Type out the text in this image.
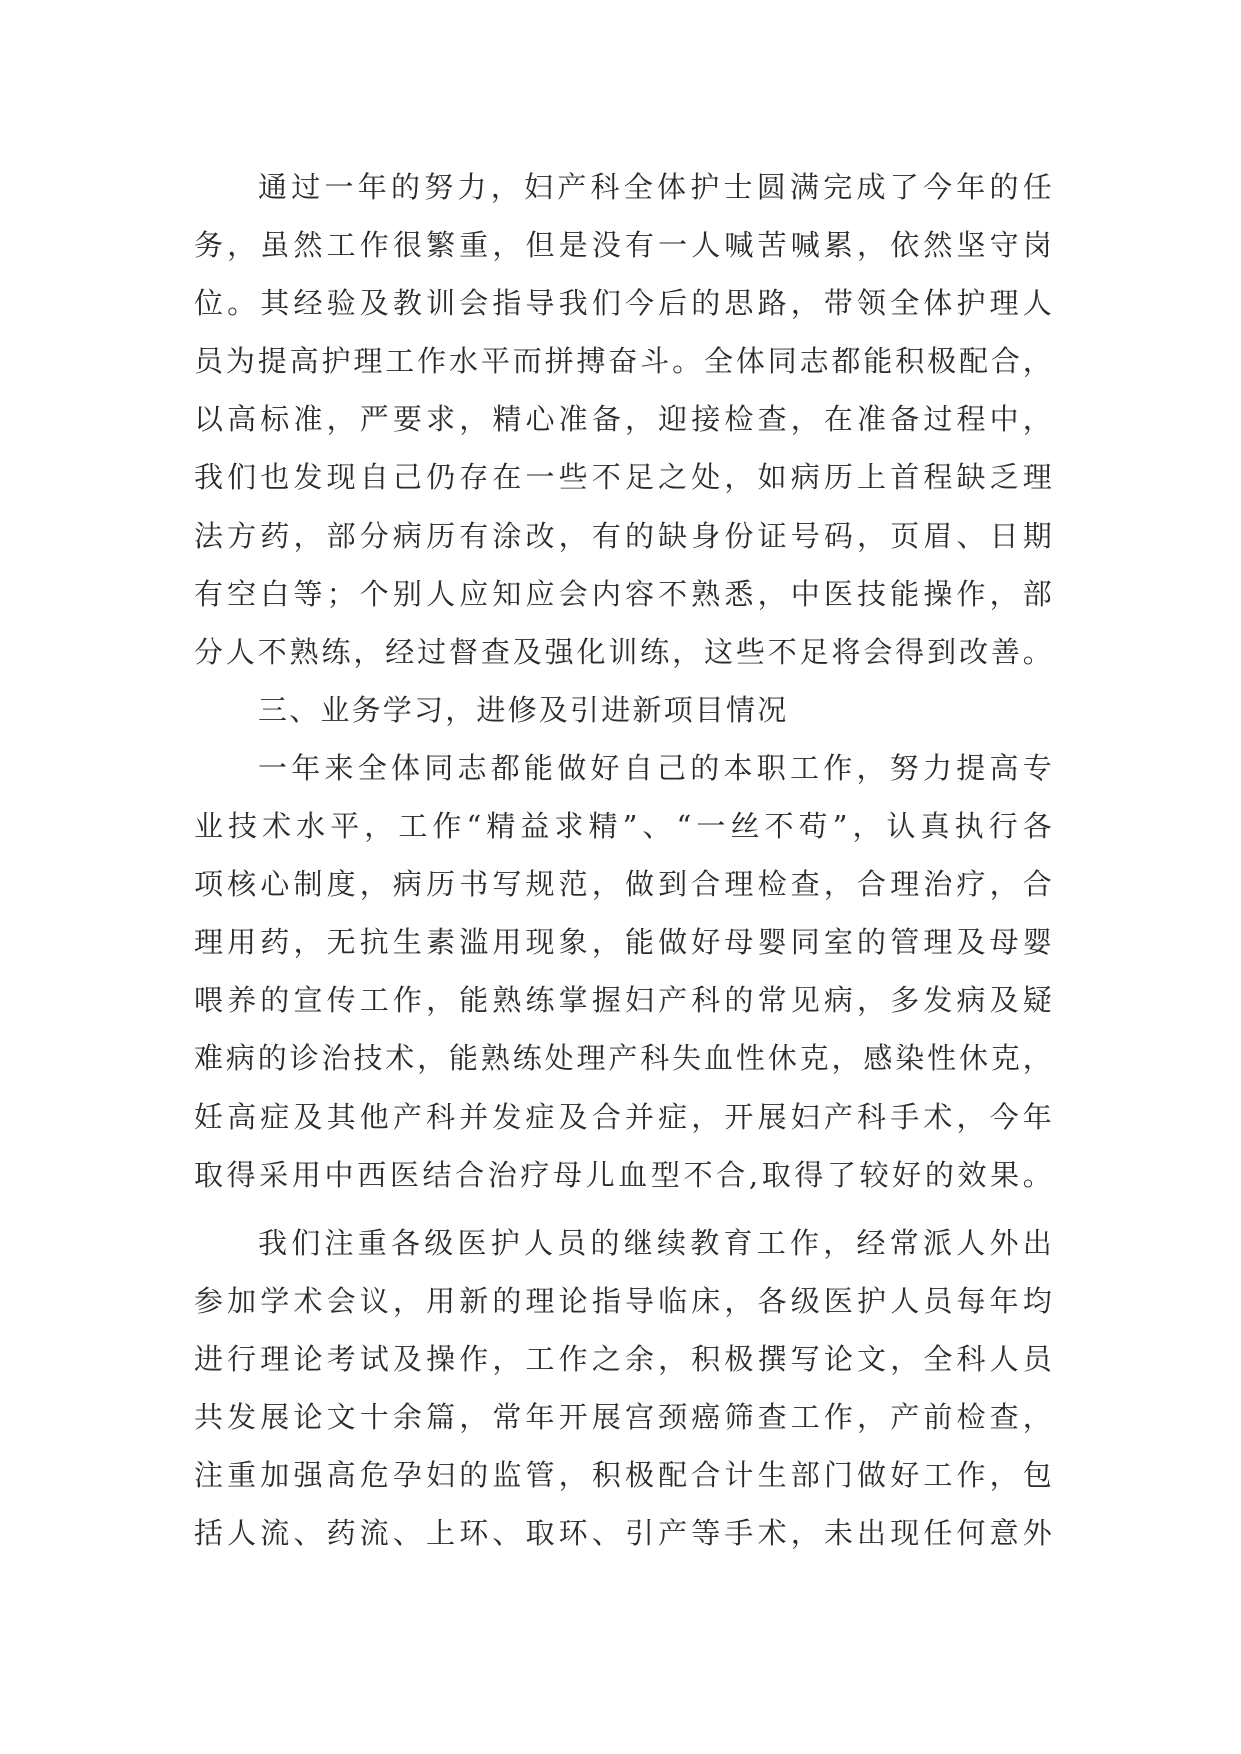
通过一年的努力，妇产科全体护士圆满完成了今年的任
务，虽然工作很繁重，但是没有一人喊苦喊累，依然坚守岗
位。其经验及教训会指导我们今后的思路，带领全体护理人
员为提高护理工作水平而拼搏奋斗。全体同志都能积极配合，
以高标准，严要求，精心准备，迎接检查，在准备过程中，
我们也发现自己仍存在一些不足之处，如病历上首程缺乏理
法方药，部分病历有涂改，有的缺身份证号码，页眉、日期
有空白等；个别人应知应会内容不熟悉，中医技能操作，部
分人不熟练，经过督查及强化训练，这些不足将会得到改善。
三、业务学习，进修及引进新项目情况
一年来全体同志都能做好自己的本职工作，努力提高专
业技术水平，工作“精益求精”、“一丝不苟”，认真执行各
项核心制度，病历书写规范，做到合理检查，合理治疗，合
理用药，无抗生素滥用现象，能做好母婴同室的管理及母婴
喂养的宣传工作，能熟练掌握妇产科的常见病，多发病及疑
难病的诊治技术，能熟练处理产科失血性休克，感染性休克，
妊高症及其他产科并发症及合并症，开展妇产科手术，今年
取得采用中西医结合治疗母儿血型不合,取得了较好的效果。
我们注重各级医护人员的继续教育工作，经常派人外出
参加学术会议，用新的理论指导临床，各级医护人员每年均
进行理论考试及操作，工作之余，积极撰写论文，全科人员
共发展论文十余篇，常年开展宫颈癌筛查工作，产前检查，
注重加强高危孕妇的监管，积极配合计生部门做好工作，包
括人流、药流、上环、取环、引产等手术，未出现任何意外
